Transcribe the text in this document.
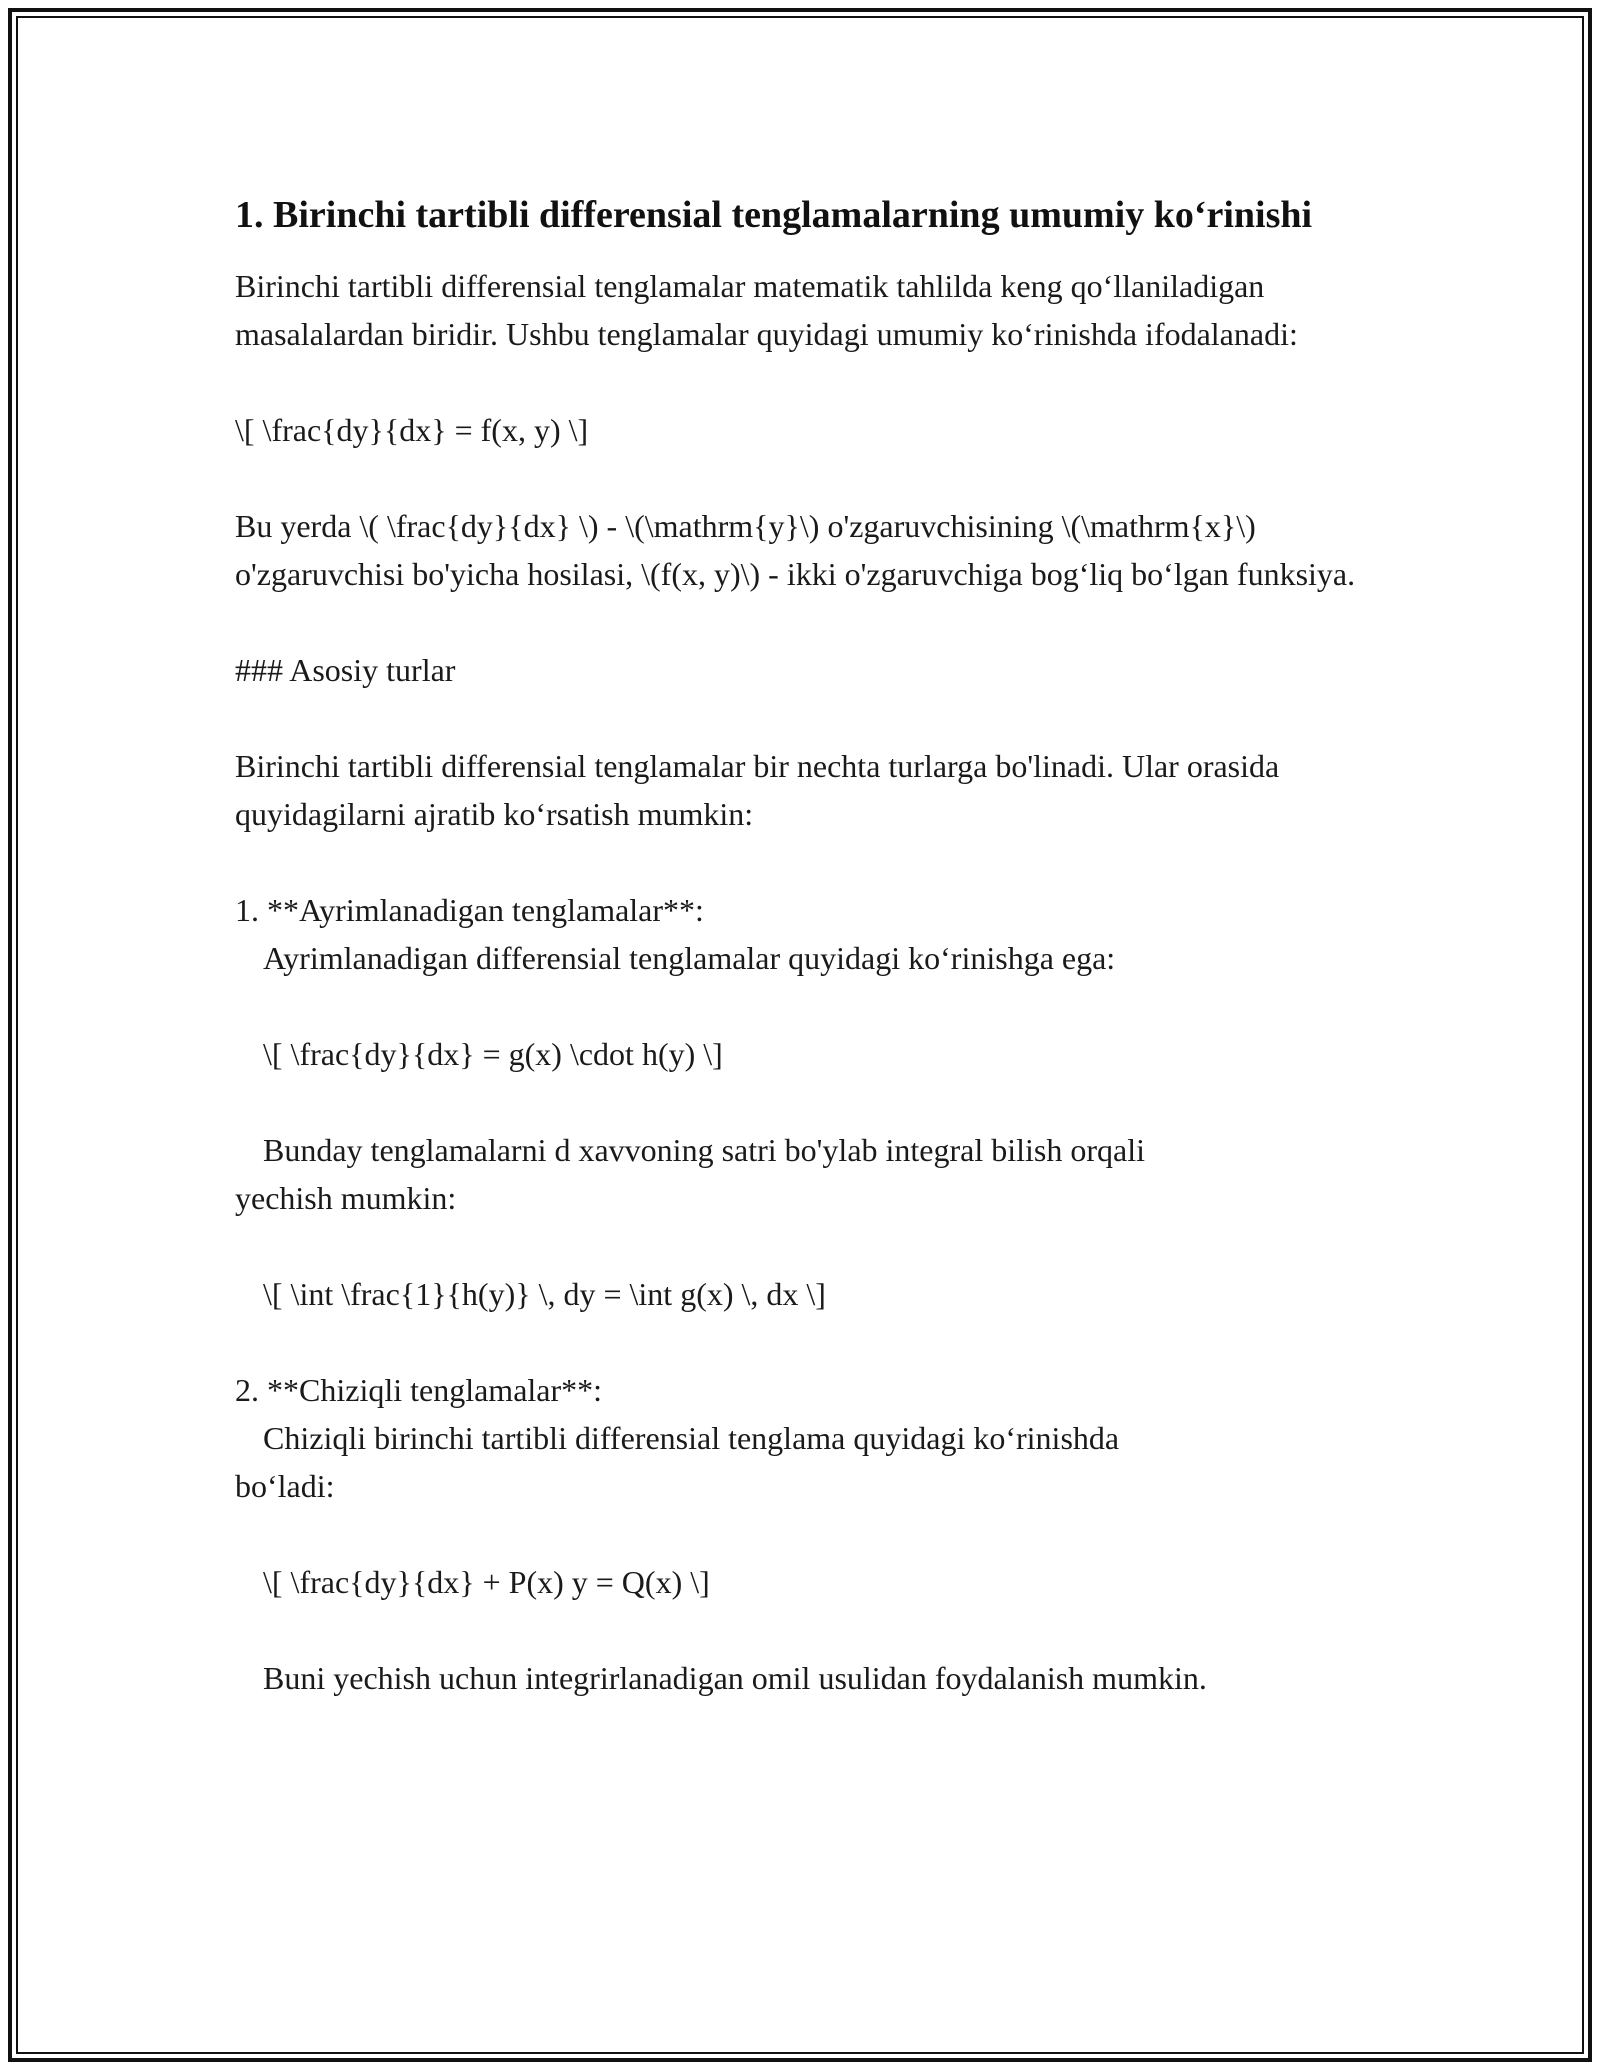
1. Birinchi tartibli differensial tenglamalarning umumiy ko‘rinishi

Birinchi tartibli differensial tenglamalar matematik tahlilda keng qo‘llaniladigan masalalardan biridir. Ushbu tenglamalar quyidagi umumiy ko‘rinishda ifodalanadi:

\[ \frac{dy}{dx} = f(x, y) \]

Bu yerda \( \frac{dy}{dx} \) - \(\mathrm{y}\) o'zgaruvchisining \(\mathrm{x}\) o'zgaruvchisi bo'yicha hosilasi, \(f(x, y)\) - ikki o'zgaruvchiga bog‘liq bo‘lgan funksiya.

### Asosiy turlar

Birinchi tartibli differensial tenglamalar bir nechta turlarga bo'linadi. Ular orasida quyidagilarni ajratib ko‘rsatish mumkin:

1. **Ayrimlanadigan tenglamalar**:

Ayrimlanadigan differensial tenglamalar quyidagi ko‘rinishga ega:

\[ \frac{dy}{dx} = g(x) \cdot h(y) \]

Bunday tenglamalarni d xavvoning satri bo'ylab integral bilish orqali

yechish mumkin:

\[ \int \frac{1}{h(y)} \, dy = \int g(x) \, dx \]

2. **Chiziqli tenglamalar**:

Chiziqli birinchi tartibli differensial tenglama quyidagi ko‘rinishda

bo‘ladi:

\[ \frac{dy}{dx} + P(x) y = Q(x) \]

Buni yechish uchun integrirlanadigan omil usulidan foydalanish mumkin.
